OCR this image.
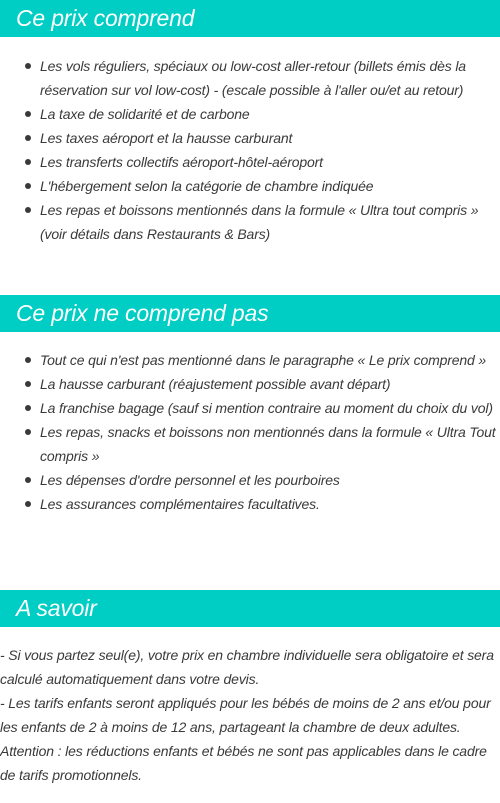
Ce prix comprend
Les vols réguliers, spéciaux ou low-cost aller-retour (billets émis dès la réservation sur vol low-cost) - (escale possible à l'aller ou/et au retour)
La taxe de solidarité et de carbone
Les taxes aéroport et la hausse carburant
Les transferts collectifs aéroport-hôtel-aéroport
L'hébergement selon la catégorie de chambre indiquée
Les repas et boissons mentionnés dans la formule « Ultra tout compris » (voir détails dans Restaurants & Bars)
Ce prix ne comprend pas
Tout ce qui n'est pas mentionné dans le paragraphe « Le prix comprend »
La hausse carburant (réajustement possible avant départ)
La franchise bagage (sauf si mention contraire au moment du choix du vol)
Les repas, snacks et boissons non mentionnés dans la formule « Ultra Tout compris »
Les dépenses d'ordre personnel et les pourboires
Les assurances complémentaires facultatives.
A savoir

- Si vous partez seul(e), votre prix en chambre individuelle sera obligatoire et sera calculé automatiquement dans votre devis.

- Les tarifs enfants seront appliqués pour les bébés de moins de 2 ans et/ou pour les enfants de 2 à moins de 12 ans, partageant la chambre de deux adultes. Attention : les réductions enfants et bébés ne sont pas applicables dans le cadre de tarifs promotionnels.
